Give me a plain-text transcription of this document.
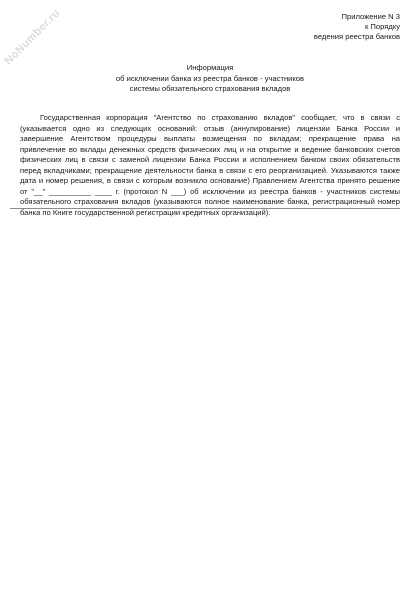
NoNumber.ru	Приложение N 3
к Порядку
ведения реестра банков
Информация
об исключении банка из реестра банков - участников
системы обязательного страхования вкладов

Государственная корпорация "Агентство по страхованию вкладов" сообщает, что в связи с (указывается одно из следующих оснований: отзыв (аннулирование) лицензии Банка России и завершение Агентством процедуры выплаты возмещения по вкладам; прекращение права на привлечение во вклады денежных средств физических лиц и на открытие и ведение банковских счетов физических лиц в связи с заменой лицензии Банка России и исполнением банком своих обязательств перед вкладчиками; прекращение деятельности банка в связи с его реорганизацией. Указываются также дата и номер решения, в связи с которым возникло основание) Правлением Агентства принято решение от "__" __________ ____ г. (протокол N ___) об исключении из реестра банков - участников системы обязательного страхования вкладов (указываются полное наименование банка, регистрационный номер банка по Книге государственной регистрации кредитных организаций).
